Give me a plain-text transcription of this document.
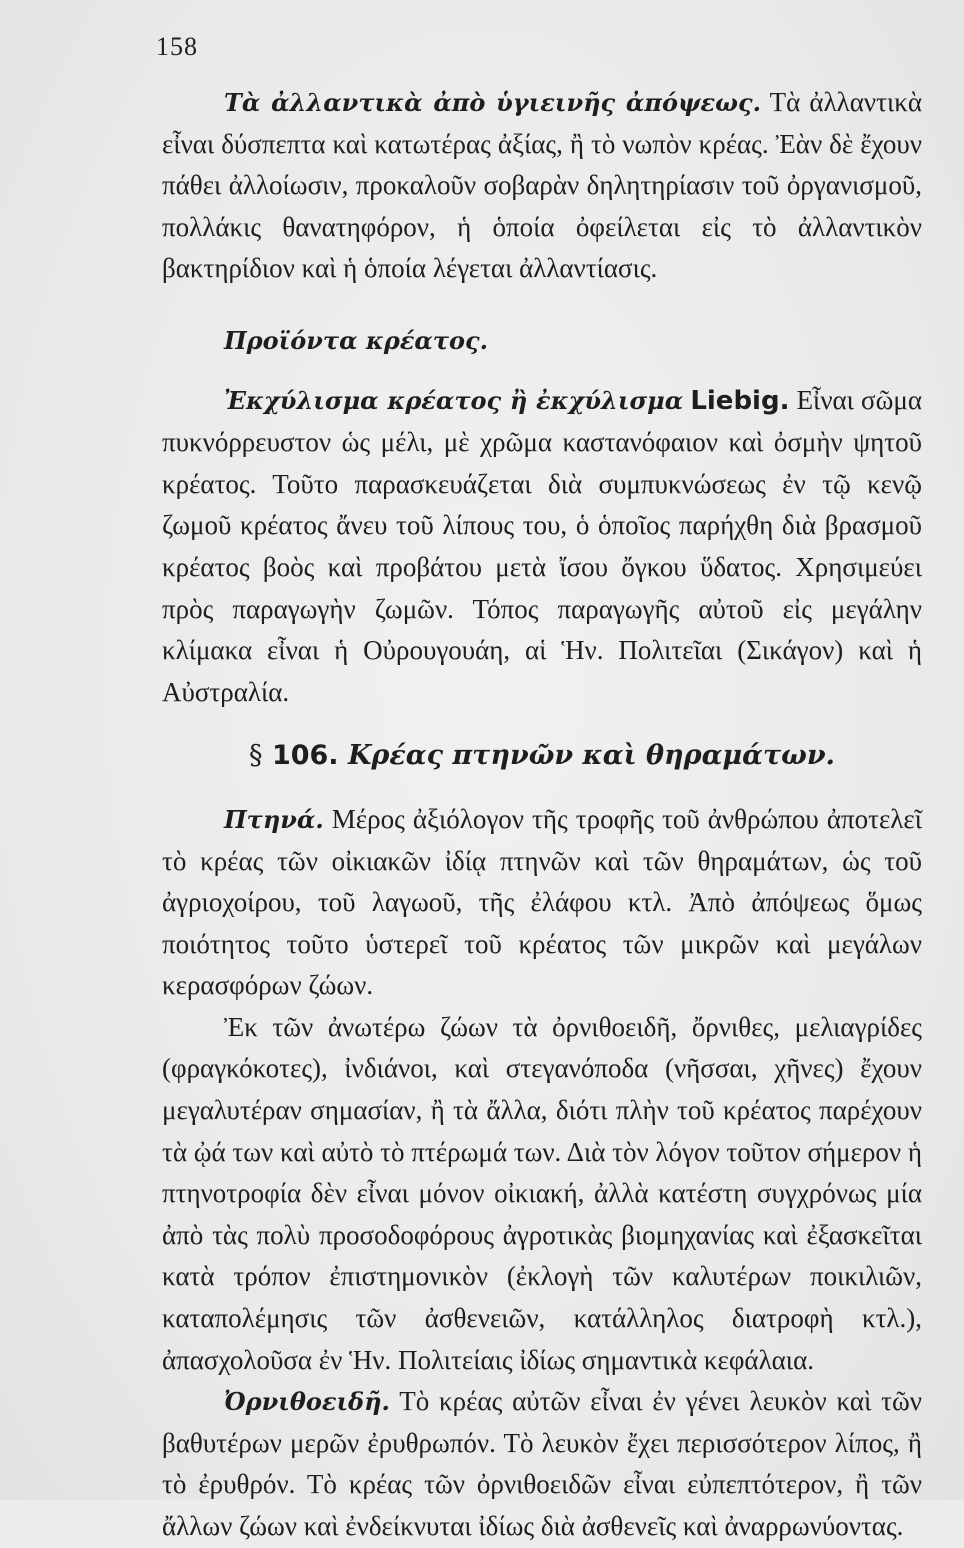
158

Τὰ ἀλλαντικὰ ἀπὸ ὑγιεινῆς ἀπόψεως. Τὰ ἀλλαντικὰ εἶναι δύσπεπτα καὶ κατωτέρας ἀξίας, ἢ τὸ νωπὸν κρέας. Ἐὰν δὲ ἔχουν πάθει ἀλλοίωσιν, προκαλοῦν σοβαρὰν δηλητηρίασιν τοῦ ὀργανισμοῦ, πολλάκις θανατηφόρον, ἡ ὁποία ὀφείλεται εἰς τὸ ἀλλαντικὸν βακτηρίδιον καὶ ἡ ὁποία λέγεται ἀλλαντίασις.

Προϊόντα κρέατος.

Ἐκχύλισμα κρέατος ἢ ἐκχύλισμα Liebig. Εἶναι σῶμα πυκνόρρευστον ὡς μέλι, μὲ χρῶμα καστανόφαιον καὶ ὀσμὴν ψητοῦ κρέατος. Τοῦτο παρασκευάζεται διὰ συμπυκνώσεως ἐν τῷ κενῷ ζωμοῦ κρέατος ἄνευ τοῦ λίπους του, ὁ ὁποῖος παρήχθη διὰ βρασμοῦ κρέατος βοὸς καὶ προβάτου μετὰ ἴσου ὄγκου ὕδατος. Χρησιμεύει πρὸς παραγωγὴν ζωμῶν. Τόπος παραγωγῆς αὐτοῦ εἰς μεγάλην κλίμακα εἶναι ἡ Οὐρουγουάη, αἱ Ἡν. Πολιτεῖαι (Σικάγον) καὶ ἡ Αὐστραλία.

§ 106. Κρέας πτηνῶν καὶ θηραμάτων.

Πτηνά. Μέρος ἀξιόλογον τῆς τροφῆς τοῦ ἀνθρώπου ἀποτελεῖ τὸ κρέας τῶν οἰκιακῶν ἰδίᾳ πτηνῶν καὶ τῶν θηραμάτων, ὡς τοῦ ἀγριοχοίρου, τοῦ λαγωοῦ, τῆς ἐλάφου κτλ. Ἀπὸ ἀπόψεως ὅμως ποιότητος τοῦτο ὑστερεῖ τοῦ κρέατος τῶν μικρῶν καὶ μεγάλων κερασφόρων ζώων.

Ἐκ τῶν ἀνωτέρω ζώων τὰ ὀρνιθοειδῆ, ὄρνιθες, μελιαγρίδες (φραγκόκοτες), ἰνδιάνοι, καὶ στεγανόποδα (νῆσσαι, χῆνες) ἔχουν μεγαλυτέραν σημασίαν, ἢ τὰ ἄλλα, διότι πλὴν τοῦ κρέατος παρέχουν τὰ ᾠά των καὶ αὐτὸ τὸ πτέρωμά των. Διὰ τὸν λόγον τοῦτον σήμερον ἡ πτηνοτροφία δὲν εἶναι μόνον οἰκιακή, ἀλλὰ κατέστη συγχρόνως μία ἀπὸ τὰς πολὺ προσοδοφόρους ἀγροτικὰς βιομηχανίας καὶ ἐξασκεῖται κατὰ τρόπον ἐπιστημονικὸν (ἐκλογὴ τῶν καλυτέρων ποικιλιῶν, καταπολέμησις τῶν ἀσθενειῶν, κατάλληλος διατροφὴ κτλ.), ἀπασχολοῦσα ἐν Ἡν. Πολιτείαις ἰδίως σημαντικὰ κεφάλαια.

Ὀρνιθοειδῆ. Τὸ κρέας αὐτῶν εἶναι ἐν γένει λευκὸν καὶ τῶν βαθυτέρων μερῶν ἐρυθρωπόν. Τὸ λευκὸν ἔχει περισσότερον λίπος, ἢ τὸ ἐρυθρόν. Τὸ κρέας τῶν ὀρνιθοειδῶν εἶναι εὐπεπτότερον, ἢ τῶν ἄλλων ζώων καὶ ἐνδείκνυται ἰδίως διὰ ἀσθενεῖς καὶ ἀναρρωνύοντας.
